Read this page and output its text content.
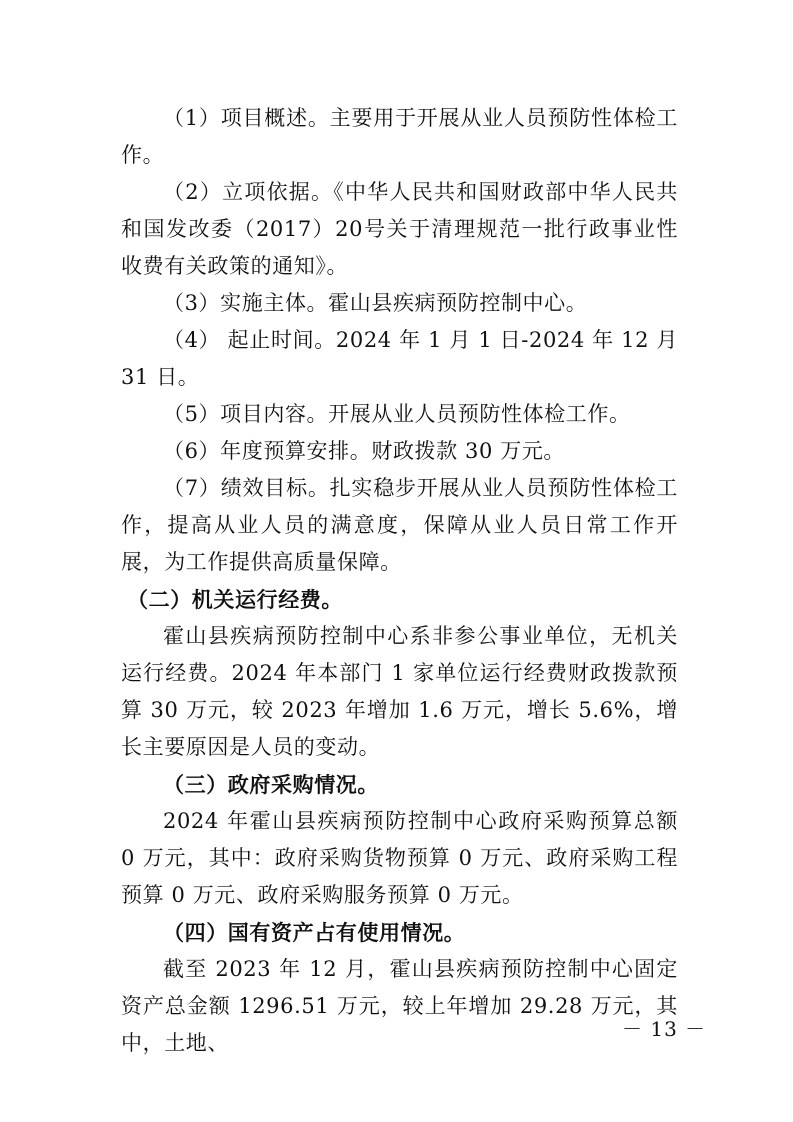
（1）项目概述。主要用于开展从业人员预防性体检工作。

（2）立项依据。《中华人民共和国财政部中华人民共和国发改委（2017）20号关于清理规范一批行政事业性收费有关政策的通知》。

（3）实施主体。霍山县疾病预防控制中心。

（4） 起止时间。2024 年 1 月 1 日-2024 年 12 月 31 日。

（5）项目内容。开展从业人员预防性体检工作。

（6）年度预算安排。财政拨款 30 万元。

（7）绩效目标。扎实稳步开展从业人员预防性体检工作，提高从业人员的满意度，保障从业人员日常工作开展，为工作提供高质量保障。

（二）机关运行经费。

霍山县疾病预防控制中心系非参公事业单位，无机关运行经费。2024 年本部门 1 家单位运行经费财政拨款预算 30 万元，较 2023 年增加 1.6 万元，增长 5.6%，增长主要原因是人员的变动。

（三）政府采购情况。

2024 年霍山县疾病预防控制中心政府采购预算总额 0 万元，其中：政府采购货物预算 0 万元、政府采购工程预算 0 万元、政府采购服务预算 0 万元。

（四）国有资产占有使用情况。

截至 2023 年 12 月，霍山县疾病预防控制中心固定资产总金额 1296.51 万元，较上年增加 29.28 万元，其中，土地、

－ 13 －
